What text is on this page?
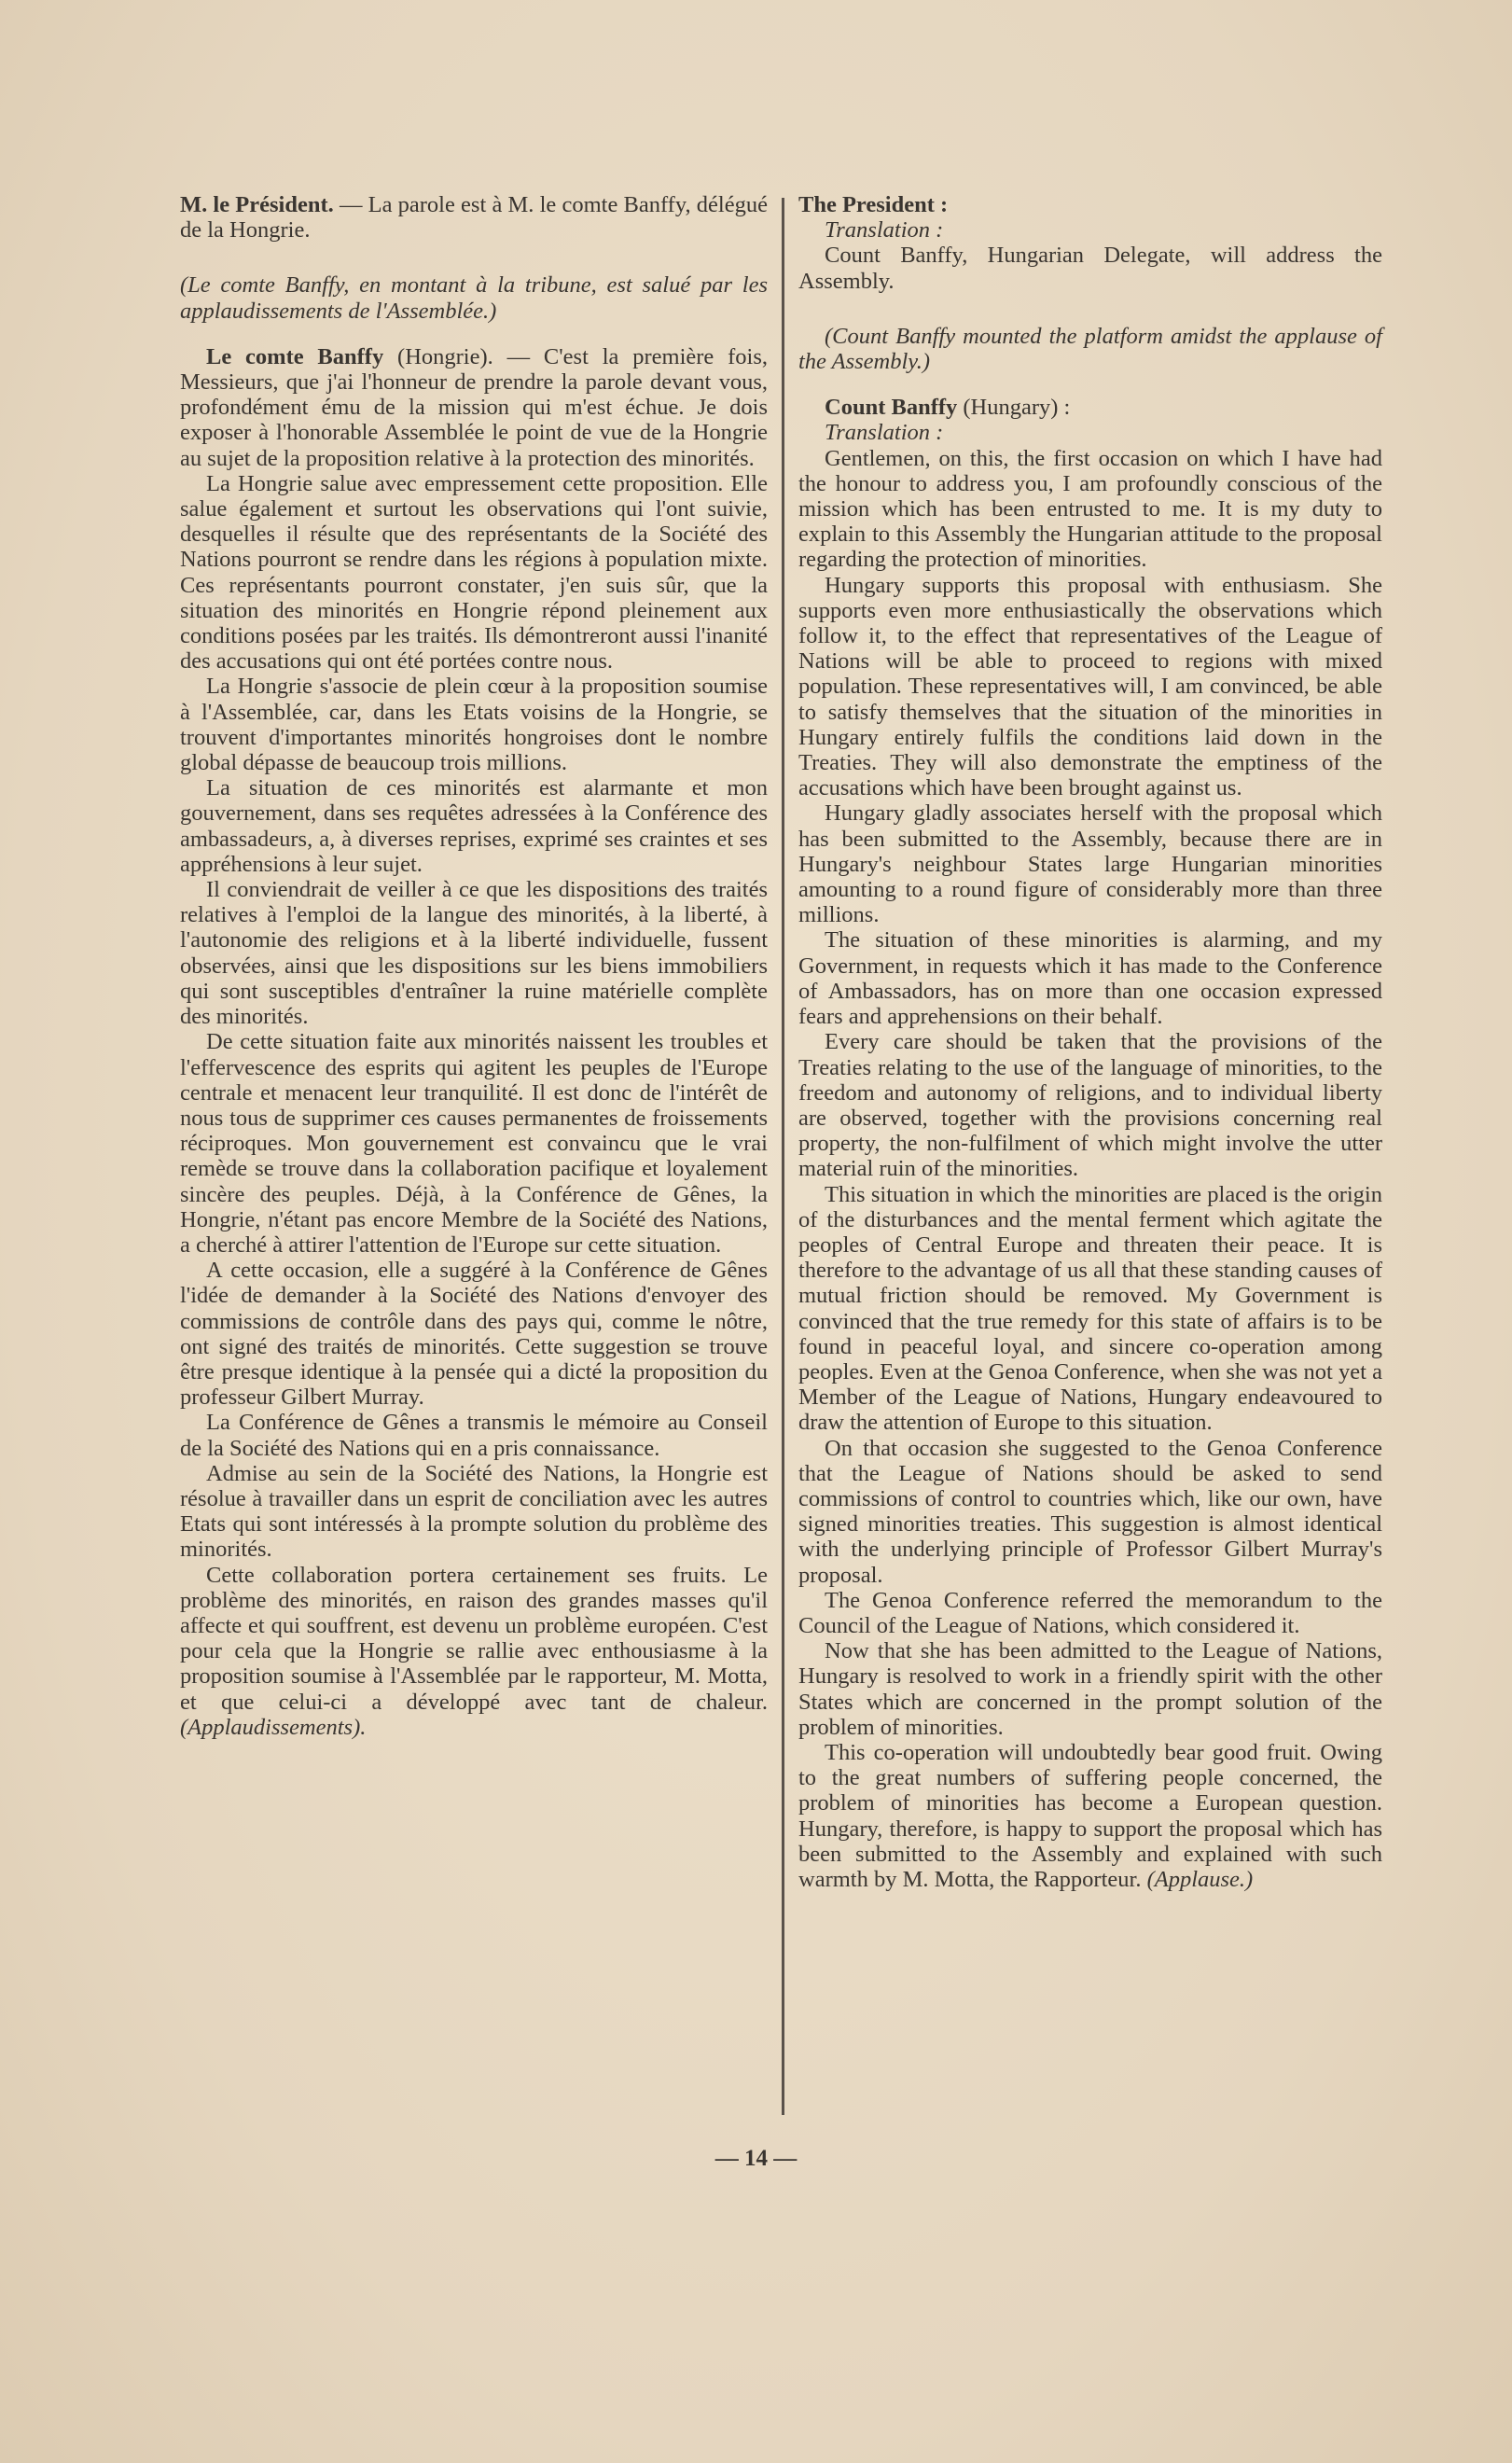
M. le Président. — La parole est à M. le comte Banffy, délégué de la Hongrie.

(Le comte Banffy, en montant à la tribune, est salué par les applaudissements de l'Assemblée.)

Le comte Banffy (Hongrie). — C'est la première fois, Messieurs, que j'ai l'honneur de prendre la parole devant vous, profondément ému de la mission qui m'est échue. Je dois exposer à l'honorable Assemblée le point de vue de la Hongrie au sujet de la proposition relative à la protection des minorités.

La Hongrie salue avec empressement cette proposition. Elle salue également et surtout les observations qui l'ont suivie, desquelles il résulte que des représentants de la Société des Nations pourront se rendre dans les régions à population mixte. Ces représentants pourront constater, j'en suis sûr, que la situation des minorités en Hongrie répond pleinement aux conditions posées par les traités. Ils démontreront aussi l'inanité des accusations qui ont été portées contre nous.

La Hongrie s'associe de plein cœur à la proposition soumise à l'Assemblée, car, dans les Etats voisins de la Hongrie, se trouvent d'importantes minorités hongroises dont le nombre global dépasse de beaucoup trois millions.

La situation de ces minorités est alarmante et mon gouvernement, dans ses requêtes adressées à la Conférence des ambassadeurs, a, à diverses reprises, exprimé ses craintes et ses appréhensions à leur sujet.

Il conviendrait de veiller à ce que les dispositions des traités relatives à l'emploi de la langue des minorités, à la liberté, à l'autonomie des religions et à la liberté individuelle, fussent observées, ainsi que les dispositions sur les biens immobiliers qui sont susceptibles d'entraîner la ruine matérielle complète des minorités.

De cette situation faite aux minorités naissent les troubles et l'effervescence des esprits qui agitent les peuples de l'Europe centrale et menacent leur tranquilité. Il est donc de l'intérêt de nous tous de supprimer ces causes permanentes de froissements réciproques. Mon gouvernement est convaincu que le vrai remède se trouve dans la collaboration pacifique et loyalement sincère des peuples. Déjà, à la Conférence de Gênes, la Hongrie, n'étant pas encore Membre de la Société des Nations, a cherché à attirer l'attention de l'Europe sur cette situation.

A cette occasion, elle a suggéré à la Conférence de Gênes l'idée de demander à la Société des Nations d'envoyer des commissions de contrôle dans des pays qui, comme le nôtre, ont signé des traités de minorités. Cette suggestion se trouve être presque identique à la pensée qui a dicté la proposition du professeur Gilbert Murray.

La Conférence de Gênes a transmis le mémoire au Conseil de la Société des Nations qui en a pris connaissance.

Admise au sein de la Société des Nations, la Hongrie est résolue à travailler dans un esprit de conciliation avec les autres Etats qui sont intéressés à la prompte solution du problème des minorités.

Cette collaboration portera certainement ses fruits. Le problème des minorités, en raison des grandes masses qu'il affecte et qui souffrent, est devenu un problème européen. C'est pour cela que la Hongrie se rallie avec enthousiasme à la proposition soumise à l'Assemblée par le rapporteur, M. Motta, et que celui-ci a développé avec tant de chaleur. (Applaudissements).

The President :

Translation :

Count Banffy, Hungarian Delegate, will address the Assembly.

(Count Banffy mounted the platform amidst the applause of the Assembly.)

Count Banffy (Hungary) :

Translation :

Gentlemen, on this, the first occasion on which I have had the honour to address you, I am profoundly conscious of the mission which has been entrusted to me. It is my duty to explain to this Assembly the Hungarian attitude to the proposal regarding the protection of minorities.

Hungary supports this proposal with enthusiasm. She supports even more enthusiastically the observations which follow it, to the effect that representatives of the League of Nations will be able to proceed to regions with mixed population. These representatives will, I am convinced, be able to satisfy themselves that the situation of the minorities in Hungary entirely fulfils the conditions laid down in the Treaties. They will also demonstrate the emptiness of the accusations which have been brought against us.

Hungary gladly associates herself with the proposal which has been submitted to the Assembly, because there are in Hungary's neighbour States large Hungarian minorities amounting to a round figure of considerably more than three millions.

The situation of these minorities is alarming, and my Government, in requests which it has made to the Conference of Ambassadors, has on more than one occasion expressed fears and apprehensions on their behalf.

Every care should be taken that the provisions of the Treaties relating to the use of the language of minorities, to the freedom and autonomy of religions, and to individual liberty are observed, together with the provisions concerning real property, the non-fulfilment of which might involve the utter material ruin of the minorities.

This situation in which the minorities are placed is the origin of the disturbances and the mental ferment which agitate the peoples of Central Europe and threaten their peace. It is therefore to the advantage of us all that these standing causes of mutual friction should be removed. My Government is convinced that the true remedy for this state of affairs is to be found in peaceful loyal, and sincere co-operation among peoples. Even at the Genoa Conference, when she was not yet a Member of the League of Nations, Hungary endeavoured to draw the attention of Europe to this situation.

On that occasion she suggested to the Genoa Conference that the League of Nations should be asked to send commissions of control to countries which, like our own, have signed minorities treaties. This suggestion is almost identical with the underlying principle of Professor Gilbert Murray's proposal.

The Genoa Conference referred the memorandum to the Council of the League of Nations, which considered it.

Now that she has been admitted to the League of Nations, Hungary is resolved to work in a friendly spirit with the other States which are concerned in the prompt solution of the problem of minorities.

This co-operation will undoubtedly bear good fruit. Owing to the great numbers of suffering people concerned, the problem of minorities has become a European question. Hungary, therefore, is happy to support the proposal which has been submitted to the Assembly and explained with such warmth by M. Motta, the Rapporteur. (Applause.)

— 14 —
